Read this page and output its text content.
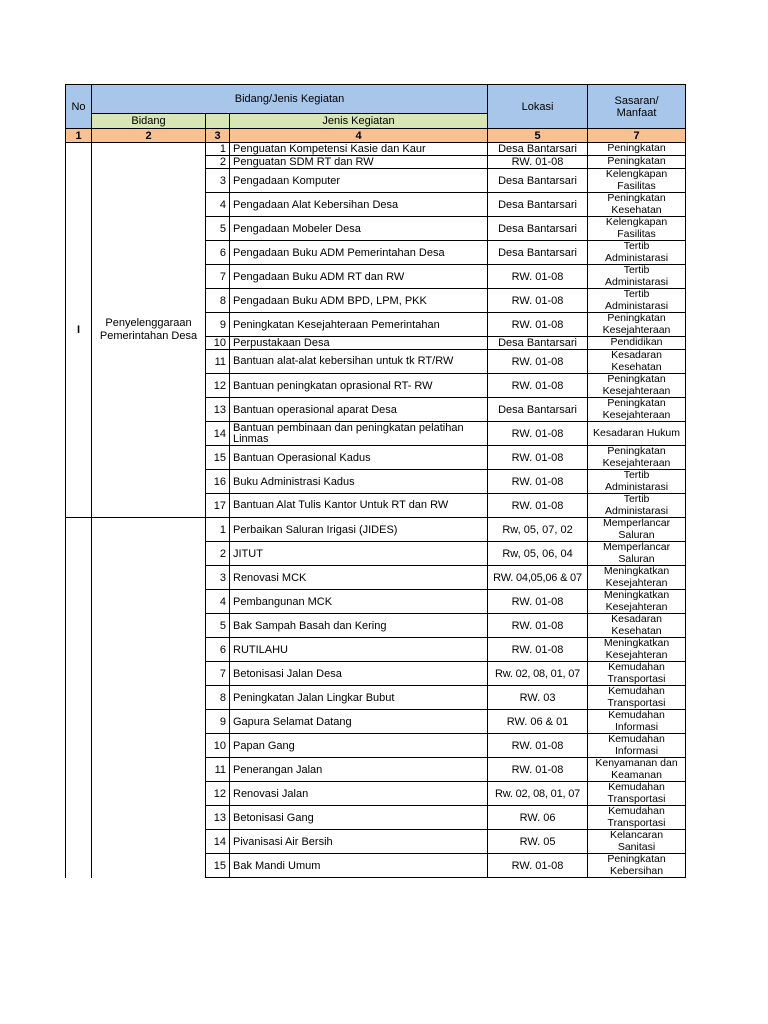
No	Bidang/Jenis Kegiatan			Lokasi	Sasaran/ Manfaat
	Bidang		Jenis Kegiatan		
1	2	3	4	5	7
I	Penyelenggaraan Pemerintahan Desa	1	Penguatan Kompetensi Kasie dan Kaur	Desa Bantarsari	Peningkatan
		2	Penguatan SDM RT dan RW	RW. 01-08	Peningkatan
		3	Pengadaan Komputer	Desa Bantarsari	Kelengkapan Fasilitas
		4	Pengadaan Alat Kebersihan Desa	Desa Bantarsari	Peningkatan Kesehatan
		5	Pengadaan Mobeler Desa	Desa Bantarsari	Kelengkapan Fasilitas
		6	Pengadaan Buku ADM Pemerintahan Desa	Desa Bantarsari	Tertib Administarasi
		7	Pengadaan Buku ADM RT dan RW	RW. 01-08	Tertib Administarasi
		8	Pengadaan Buku ADM BPD, LPM, PKK	RW. 01-08	Tertib Administarasi
		9	Peningkatan Kesejahteraan Pemerintahan	RW. 01-08	Peningkatan Kesejahteraan
		10	Perpustakaan Desa	Desa Bantarsari	Pendidikan
		11	Bantuan alat-alat kebersihan untuk tk RT/RW	RW. 01-08	Kesadaran Kesehatan
		12	Bantuan peningkatan oprasional RT- RW	RW. 01-08	Peningkatan Kesejahteraan
		13	Bantuan operasional aparat Desa	Desa Bantarsari	Peningkatan Kesejahteraan
		14	Bantuan pembinaan dan peningkatan pelatihan Linmas	RW. 01-08	Kesadaran Hukum
		15	Bantuan Operasional Kadus	RW. 01-08	Peningkatan Kesejahteraan
		16	Buku Administrasi Kadus	RW. 01-08	Tertib Administarasi
		17	Bantuan Alat Tulis Kantor Untuk RT dan RW	RW. 01-08	Tertib Administarasi
		1	Perbaikan Saluran Irigasi (JIDES)	Rw, 05, 07, 02	Memperlancar Saluran
		2	JITUT	Rw, 05, 06, 04	Memperlancar Saluran
		3	Renovasi MCK	RW. 04,05,06 & 07	Meningkatkan Kesejahteran
		4	Pembangunan MCK	RW. 01-08	Meningkatkan Kesejahteran
		5	Bak Sampah Basah dan Kering	RW. 01-08	Kesadaran Kesehatan
		6	RUTILAHU	RW. 01-08	Meningkatkan Kesejahteran
		7	Betonisasi Jalan Desa	Rw. 02, 08, 01, 07	Kemudahan Transportasi
		8	Peningkatan Jalan Lingkar Bubut	RW. 03	Kemudahan Transportasi
		9	Gapura Selamat Datang	RW. 06 & 01	Kemudahan Informasi
		10	Papan Gang	RW. 01-08	Kemudahan Informasi
		11	Penerangan Jalan	RW. 01-08	Kenyamanan dan Keamanan
		12	Renovasi Jalan	Rw. 02, 08, 01, 07	Kemudahan Transportasi
		13	Betonisasi Gang	RW. 06	Kemudahan Transportasi
		14	Pivanisasi Air Bersih	RW. 05	Kelancaran Sanitasi
		15	Bak Mandi Umum	RW. 01-08	Peningkatan Kebersihan
